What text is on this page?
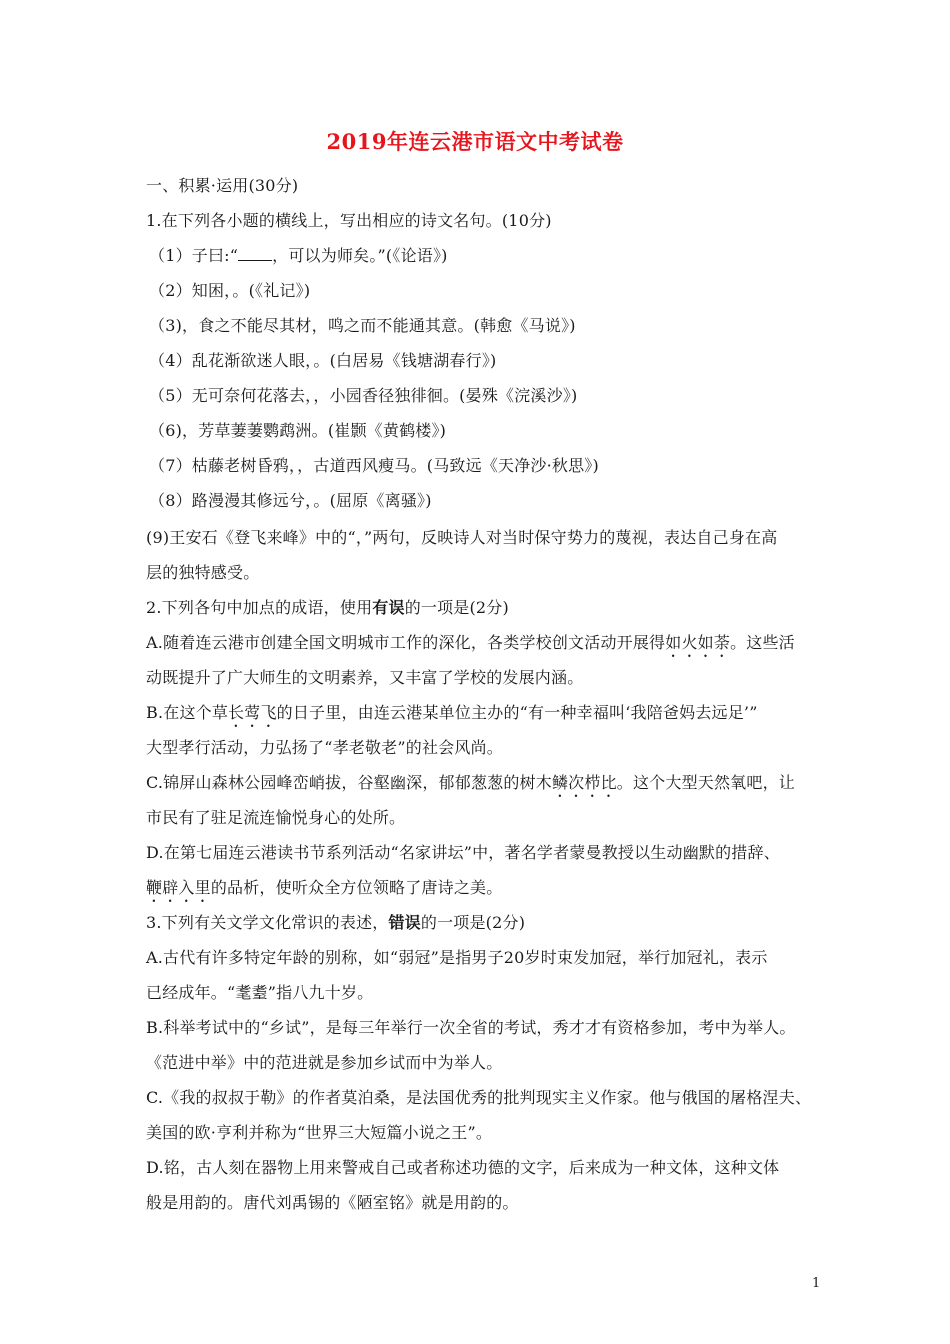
2019年连云港市语文中考试卷
一、积累·运用(30分)
1.在下列各小题的横线上，写出相应的诗文名句。(10分)
（1）子曰:“ ，可以为师矣。”(《论语》)
（2）知困，。(《礼记》)
（3)，食之不能尽其材，鸣之而不能通其意。(韩愈《马说》)
（4）乱花渐欲迷人眼，。(白居易《钱塘湖春行》)
（5）无可奈何花落去，，小园香径独徘徊。(晏殊《浣溪沙》)
（6)，芳草萋萋鹦鹉洲。(崔颢《黄鹤楼》)
（7）枯藤老树昏鸦，，古道西风瘦马。(马致远《天净沙·秋思》)
（8）路漫漫其修远兮，。(屈原《离骚》)
(9)王安石《登飞来峰》中的“，”两句，反映诗人对当时保守势力的蔑视，表达自己身在高
层的独特感受。
2.下列各句中加点的成语，使用有误的一项是(2分)
A.随着连云港市创建全国文明城市工作的深化，各类学校创文活动开展得如火如荼。这些活
动既提升了广大师生的文明素养，又丰富了学校的发展内涵。
B.在这个草长莺飞的日子里，由连云港某单位主办的“有一种幸福叫‘我陪爸妈去远足’”
大型孝行活动，力弘扬了“孝老敬老”的社会风尚。
C.锦屏山森林公园峰峦峭拔，谷壑幽深，郁郁葱葱的树木鳞次栉比。这个大型天然氧吧，让
市民有了驻足流连愉悦身心的处所。
D.在第七届连云港读书节系列活动“名家讲坛”中，著名学者蒙曼教授以生动幽默的措辞、
鞭辟入里的品析，使听众全方位领略了唐诗之美。
3.下列有关文学文化常识的表述，错误的一项是(2分)
A.古代有许多特定年龄的别称，如“弱冠”是指男子20岁时束发加冠，举行加冠礼，表示
已经成年。“耄耋”指八九十岁。
B.科举考试中的“乡试”，是每三年举行一次全省的考试，秀才才有资格参加，考中为举人。
《范进中举》中的范进就是参加乡试而中为举人。
C.《我的叔叔于勒》的作者莫泊桑，是法国优秀的批判现实主义作家。他与俄国的屠格涅夫、
美国的欧·亨利并称为“世界三大短篇小说之王”。
D.铭，古人刻在器物上用来警戒自己或者称述功德的文字，后来成为一种文体，这种文体
般是用韵的。唐代刘禹锡的《陋室铭》就是用韵的。
1
